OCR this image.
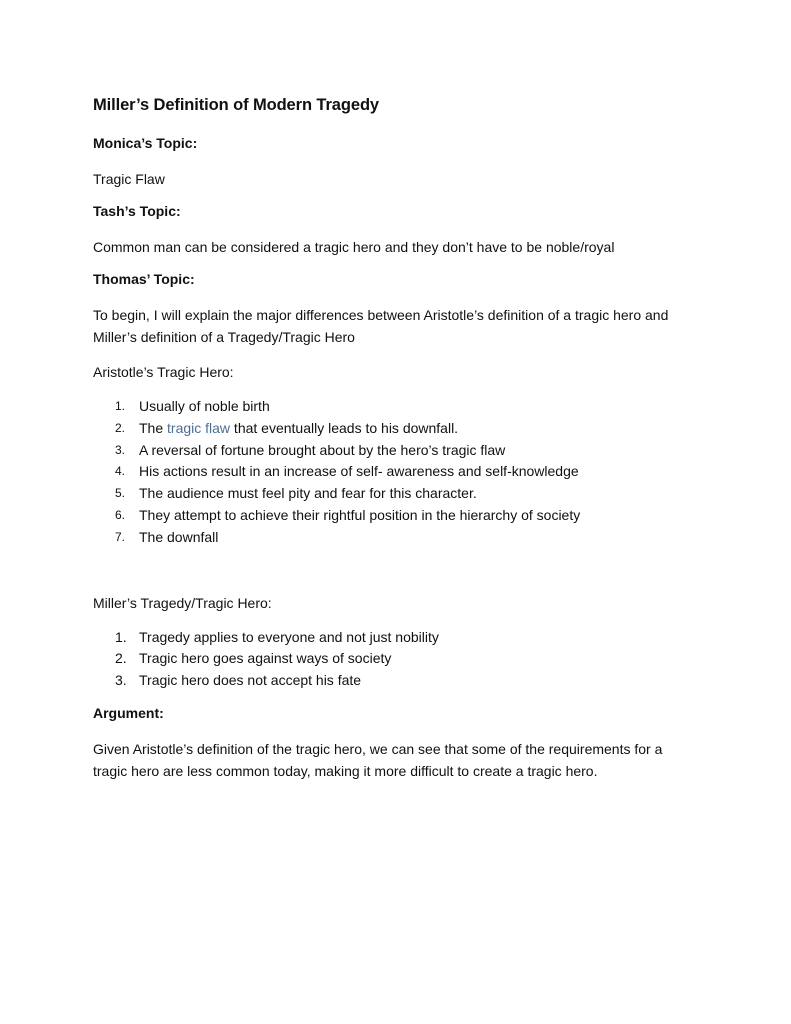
Miller’s Definition of Modern Tragedy
Monica’s Topic:
Tragic Flaw
Tash’s Topic:
Common man can be considered a tragic hero and they don’t have to be noble/royal
Thomas’ Topic:
To begin, I will explain the major differences between Aristotle’s definition of a tragic hero and
Miller’s definition of a Tragedy/Tragic Hero
Aristotle’s Tragic Hero:
1. Usually of noble birth
2. The tragic flaw that eventually leads to his downfall.
3. A reversal of fortune brought about by the hero’s tragic flaw
4. His actions result in an increase of self- awareness and self-knowledge
5. The audience must feel pity and fear for this character.
6. They attempt to achieve their rightful position in the hierarchy of society
7. The downfall
Miller’s Tragedy/Tragic Hero:
1. Tragedy applies to everyone and not just nobility
2. Tragic hero goes against ways of society
3. Tragic hero does not accept his fate
Argument:
Given Aristotle’s definition of the tragic hero, we can see that some of the requirements for a
tragic hero are less common today, making it more difficult to create a tragic hero.
